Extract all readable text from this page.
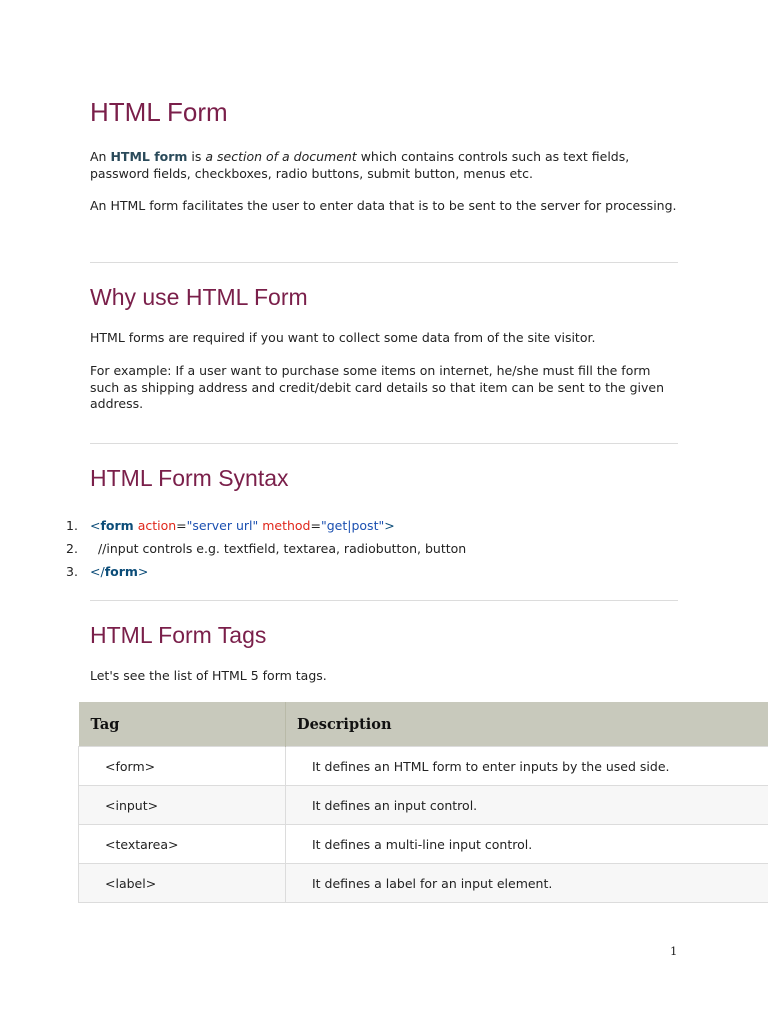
HTML Form

An HTML form is a section of a document which contains controls such as text fields, password fields, checkboxes, radio buttons, submit button, menus etc.

An HTML form facilitates the user to enter data that is to be sent to the server for processing.

Why use HTML Form

HTML forms are required if you want to collect some data from of the site visitor.

For example: If a user want to purchase some items on internet, he/she must fill the form such as shipping address and credit/debit card details so that item can be sent to the given address.

HTML Form Syntax
1. <form action="server url" method="get|post">
2.  //input controls e.g. textfield, textarea, radiobutton, button
3. </form>
HTML Form Tags

Let's see the list of HTML 5 form tags.

Tag	Description
<form>	It defines an HTML form to enter inputs by the used side.
<input>	It defines an input control.
<textarea>	It defines a multi-line input control.
<label>	It defines a label for an input element.
1
